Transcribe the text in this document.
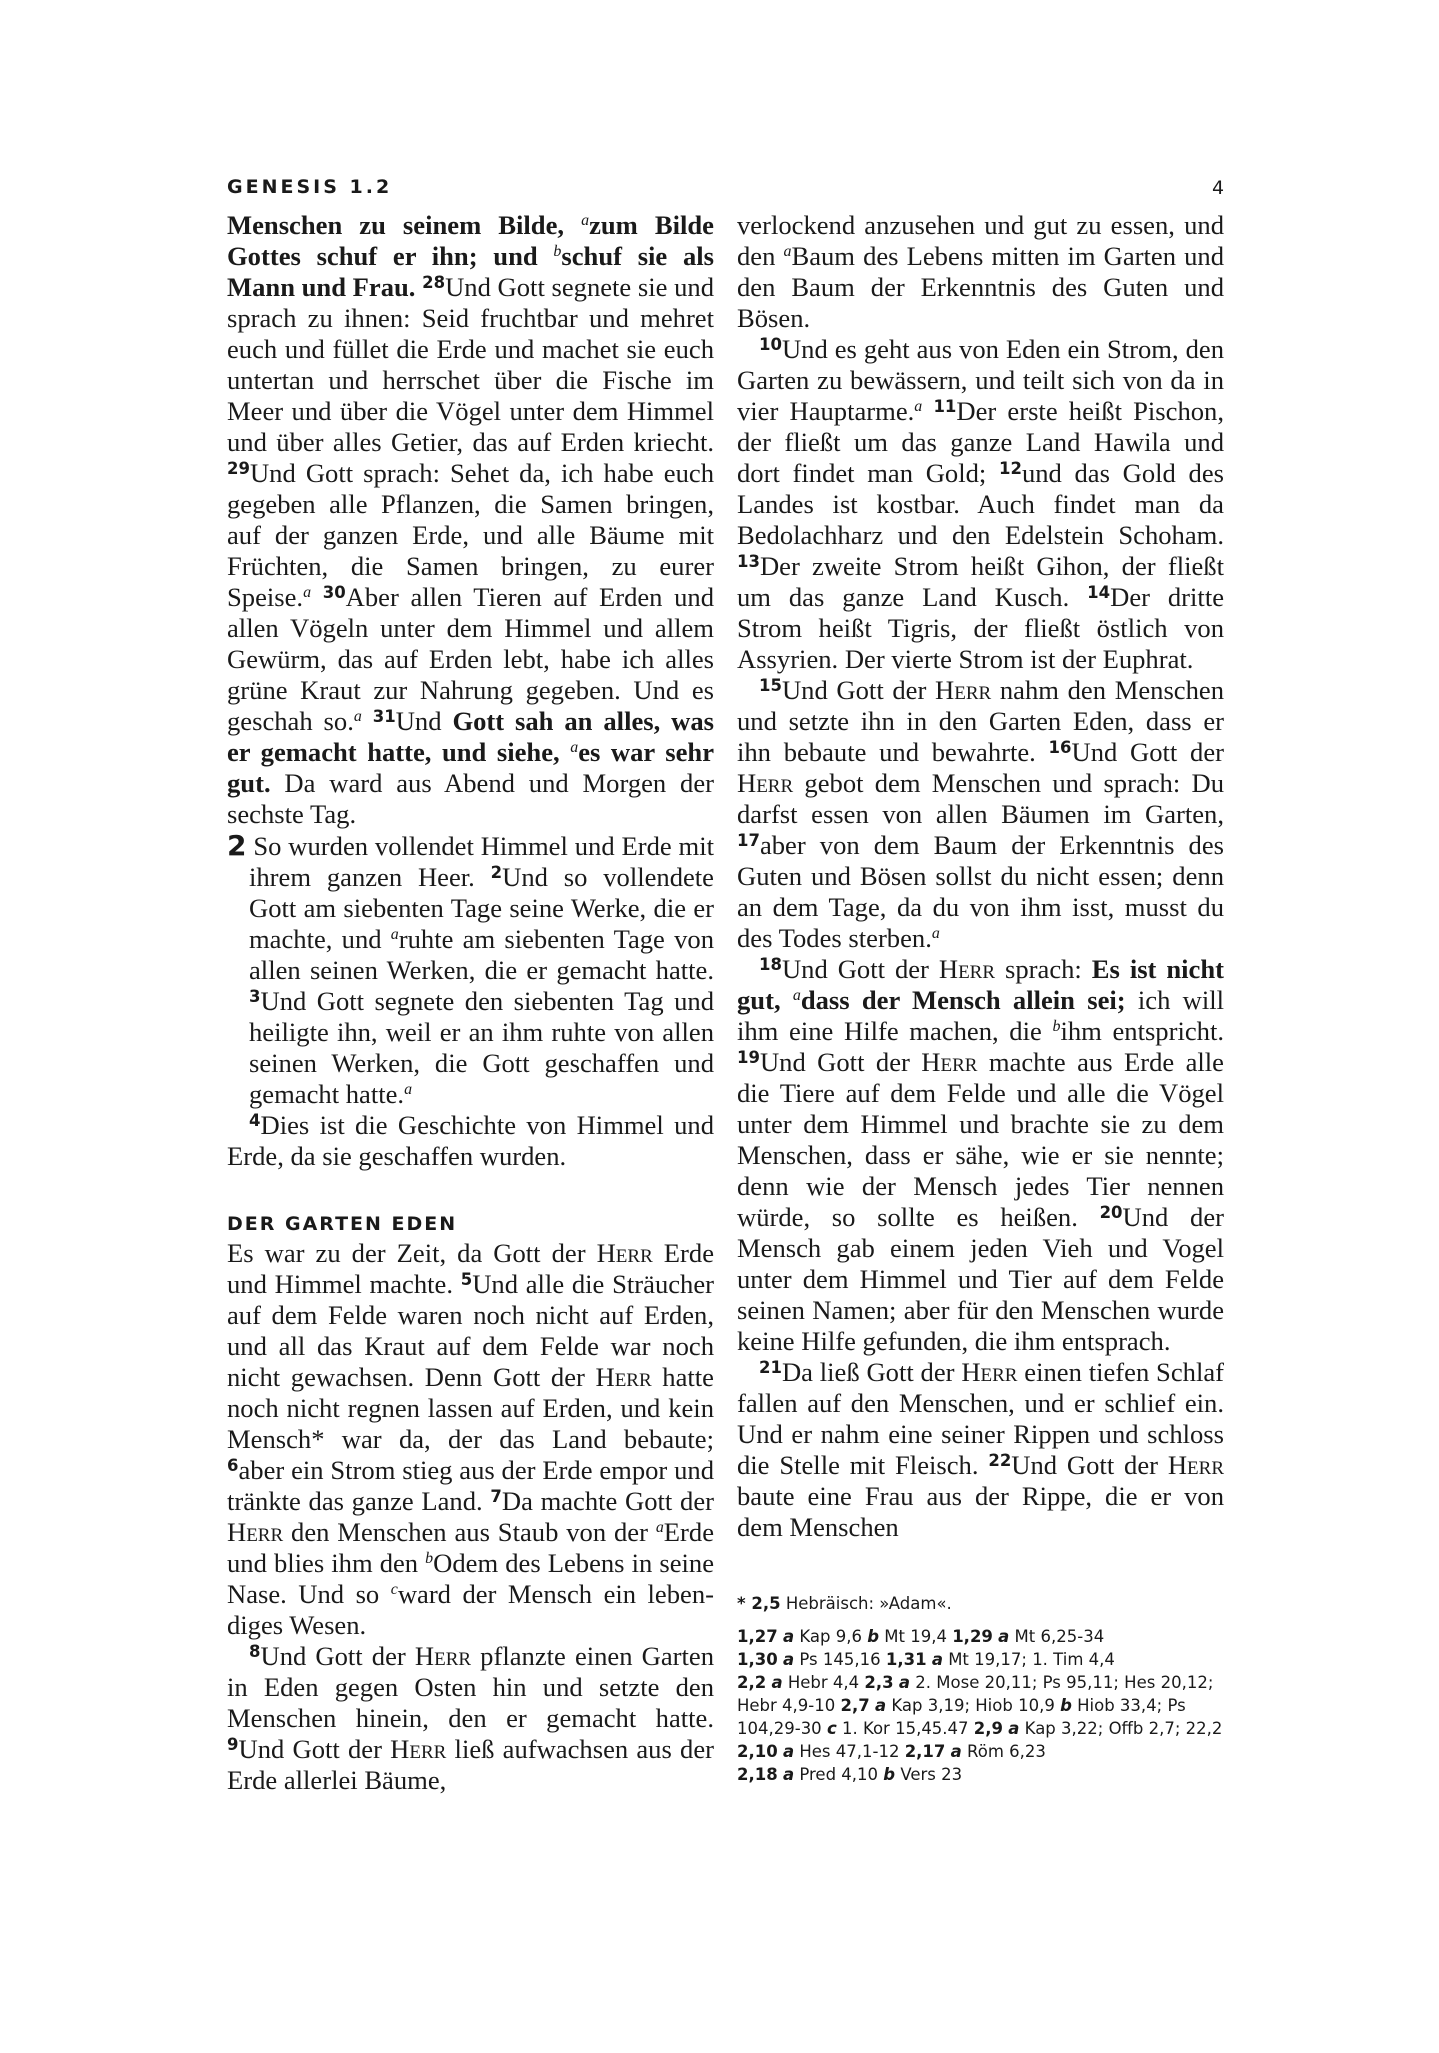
GENESIS 1.2	4

Menschen zu seinem Bilde, $^a$zum Bilde Gottes schuf er ihn; und $^b$schuf sie als Mann und Frau. $^{28}$Und Gott segnete sie und sprach zu ihnen: Seid fruchtbar und mehret euch und füllet die Erde und machet sie euch untertan und herrschet über die Fische im Meer und über die Vögel unter dem Himmel und über alles Getier, das auf Erden kriecht. $^{29}$Und Gott sprach: Sehet da, ich habe euch gegeben alle Pflanzen, die Samen bringen, auf der ganzen Erde, und alle Bäume mit Früchten, die Samen bringen, zu eurer Speise.$^a$ $^{30}$Aber allen Tieren auf Erden und allen Vögeln unter dem Himmel und allem Gewürm, das auf Erden lebt, habe ich alles grüne Kraut zur Nahrung gegeben. Und es geschah so.$^a$ $^{31}$Und Gott sah an alles, was er gemacht hatte, und siehe, $^a$es war sehr gut. Da ward aus Abend und Morgen der sechste Tag.

2 So wurden vollendet Himmel und Erde mit ihrem ganzen Heer. $^2$Und so vollendete Gott am siebenten Tage seine Werke, die er machte, und $^a$ruhte am siebenten Tage von allen seinen Werken, die er gemacht hatte. $^3$Und Gott segnete den siebenten Tag und heiligte ihn, weil er an ihm ruhte von allen seinen Werken, die Gott geschaffen und gemacht hatte.$^a$

$^4$Dies ist die Geschichte von Himmel und Erde, da sie geschaffen wurden.

DER GARTEN EDEN

Es war zu der Zeit, da Gott der Herr Erde und Himmel machte. $^5$Und alle die Sträucher auf dem Felde waren noch nicht auf Erden, und all das Kraut auf dem Felde war noch nicht gewachsen. Denn Gott der Herr hatte noch nicht regnen lassen auf Erden, und kein Mensch* war da, der das Land bebaute; $^6$aber ein Strom stieg aus der Erde empor und tränkte das ganze Land. $^7$Da machte Gott der Herr den Menschen aus Staub von der $^a$Erde und blies ihm den $^b$Odem des Lebens in seine Nase. Und so $^c$ward der Mensch ein lebendiges Wesen.

$^8$Und Gott der Herr pflanzte einen Garten in Eden gegen Osten hin und setzte den Menschen hinein, den er gemacht hatte. $^9$Und Gott der Herr ließ aufwachsen aus der Erde allerlei Bäume,

verlockend anzusehen und gut zu essen, und den $^a$Baum des Lebens mitten im Garten und den Baum der Erkenntnis des Guten und Bösen.

$^{10}$Und es geht aus von Eden ein Strom, den Garten zu bewässern, und teilt sich von da in vier Hauptarme.$^a$ $^{11}$Der erste heißt Pischon, der fließt um das ganze Land Hawila und dort findet man Gold; $^{12}$und das Gold des Landes ist kostbar. Auch findet man da Bedolachharz und den Edelstein Schoham. $^{13}$Der zweite Strom heißt Gihon, der fließt um das ganze Land Kusch. $^{14}$Der dritte Strom heißt Tigris, der fließt östlich von Assyrien. Der vierte Strom ist der Euphrat.

$^{15}$Und Gott der Herr nahm den Menschen und setzte ihn in den Garten Eden, dass er ihn bebaute und bewahrte. $^{16}$Und Gott der Herr gebot dem Menschen und sprach: Du darfst essen von allen Bäumen im Garten, $^{17}$aber von dem Baum der Erkenntnis des Guten und Bösen sollst du nicht essen; denn an dem Tage, da du von ihm isst, musst du des Todes sterben.$^a$

$^{18}$Und Gott der Herr sprach: Es ist nicht gut, $^a$dass der Mensch allein sei; ich will ihm eine Hilfe machen, die $^b$ihm entspricht. $^{19}$Und Gott der Herr machte aus Erde alle die Tiere auf dem Felde und alle die Vögel unter dem Himmel und brachte sie zu dem Menschen, dass er sähe, wie er sie nennte; denn wie der Mensch jedes Tier nennen würde, so sollte es heißen. $^{20}$Und der Mensch gab einem jeden Vieh und Vogel unter dem Himmel und Tier auf dem Felde seinen Namen; aber für den Menschen wurde keine Hilfe gefunden, die ihm entsprach.

$^{21}$Da ließ Gott der Herr einen tiefen Schlaf fallen auf den Menschen, und er schlief ein. Und er nahm eine seiner Rippen und schloss die Stelle mit Fleisch. $^{22}$Und Gott der Herr baute eine Frau aus der Rippe, die er von dem Menschen

* 2,5 Hebräisch: »Adam«.

1,27 a Kap 9,6 b Mt 19,4 1,29 a Mt 6,25-34

1,30 a Ps 145,16 1,31 a Mt 19,17; 1. Tim 4,4

2,2 a Hebr 4,4 2,3 a 2. Mose 20,11; Ps 95,11; Hes 20,12; Hebr 4,9-10 2,7 a Kap 3,19; Hiob 10,9 b Hiob 33,4; Ps 104,29-30 c 1. Kor 15,45.47 2,9 a Kap 3,22; Offb 2,7; 22,2 2,10 a Hes 47,1-12 2,17 a Röm 6,23

2,18 a Pred 4,10 b Vers 23
